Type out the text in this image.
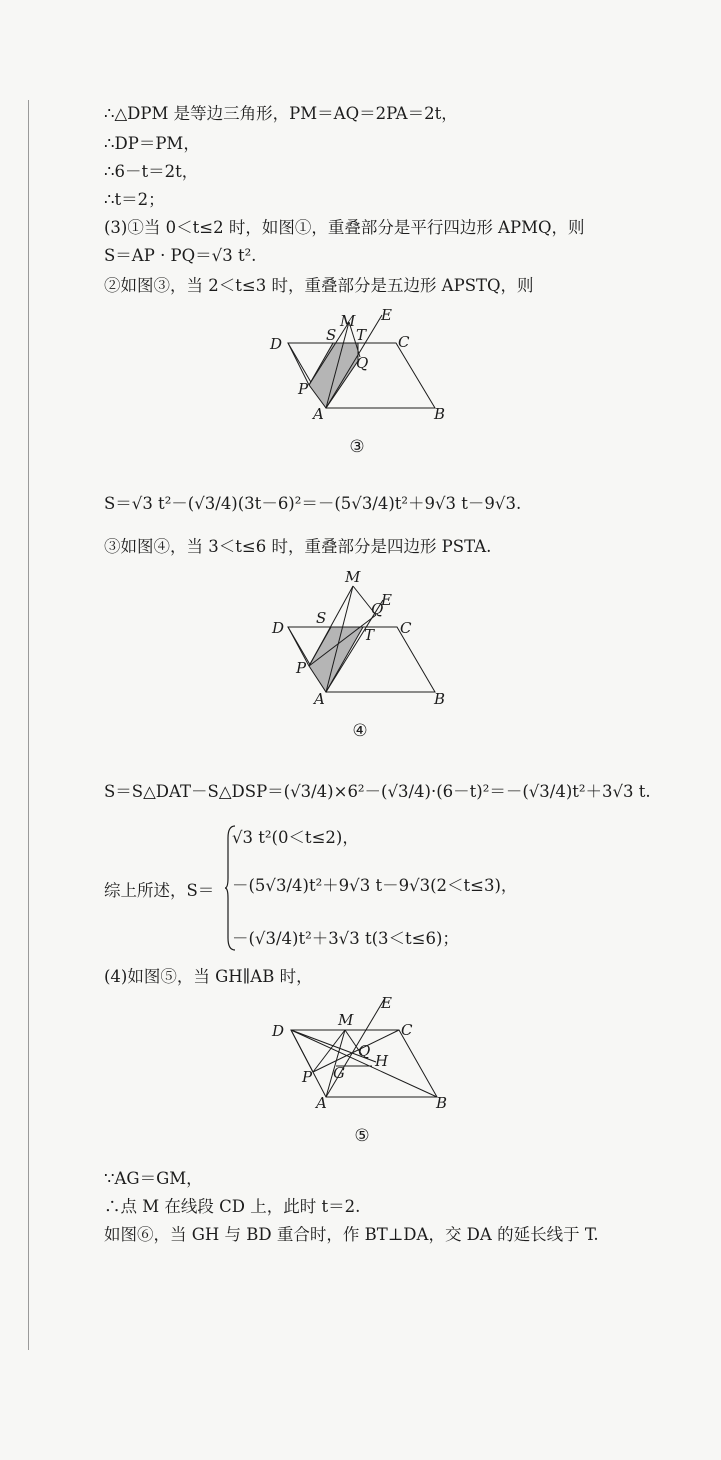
∴△DPM 是等边三角形，PM＝AQ＝2PA＝2t，
∴DP＝PM，
∴6－t＝2t，
∴t＝2；
(3)①当 0＜t≤2 时，如图①，重叠部分是平行四边形 APMQ，则
S＝AP · PQ＝√3 t².
②如图③，当 2＜t≤3 时，重叠部分是五边形 APSTQ，则
D	S
M
T
E
C
Q
P
A	B
③
S＝√3 t²－(√3/4)(3t－6)²＝－(5√3/4)t²＋9√3 t－9√3.
③如图④，当 3＜t≤6 时，重叠部分是四边形 PSTA.
M
S	Q
E
D	T C
P
A	B
④
S＝S△DAT－S△DSP＝(√3/4)×6²－(√3/4)·(6－t)²＝－(√3/4)t²＋3√3 t.
综上所述，S＝
√3 t²(0＜t≤2)，
－(5√3/4)t²＋9√3 t－9√3(2＜t≤3)，
－(√3/4)t²＋3√3 t(3＜t≤6)；
(4)如图⑤，当 GH∥AB 时，
D
M
E
C
Q
H
P G
A	B
⑤
∵AG＝GM，
∴点 M 在线段 CD 上，此时 t＝2.
如图⑥，当 GH 与 BD 重合时，作 BT⊥DA，交 DA 的延长线于 T.
